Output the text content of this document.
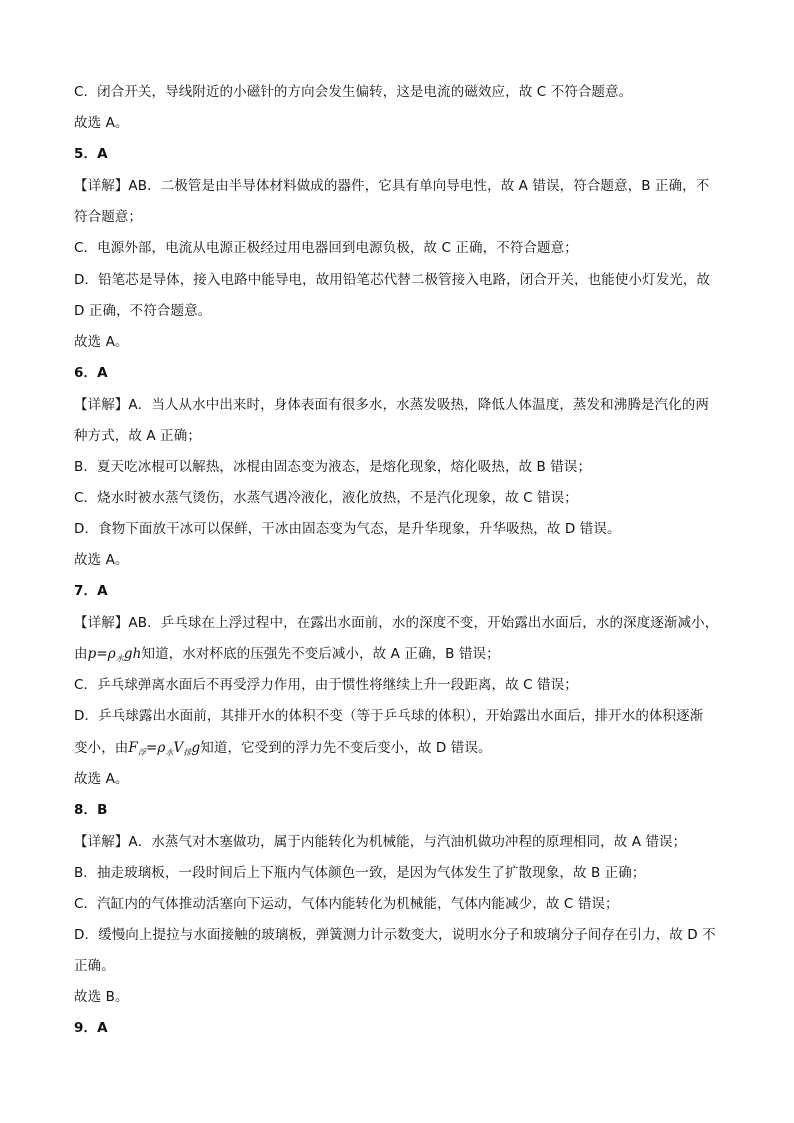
C．闭合开关，导线附近的小磁针的方向会发生偏转，这是电流的磁效应，故 C 不符合题意。
故选 A。
5．A
【详解】AB．二极管是由半导体材料做成的器件，它具有单向导电性，故 A 错误，符合题意，B 正确，不
符合题意；
C．电源外部，电流从电源正极经过用电器回到电源负极，故 C 正确，不符合题意；
D．铅笔芯是导体，接入电路中能导电，故用铅笔芯代替二极管接入电路，闭合开关，也能使小灯发光，故
D 正确，不符合题意。
故选 A。
6．A
【详解】A．当人从水中出来时，身体表面有很多水，水蒸发吸热，降低人体温度，蒸发和沸腾是汽化的两
种方式，故 A 正确；
B．夏天吃冰棍可以解热，冰棍由固态变为液态，是熔化现象，熔化吸热，故 B 错误；
C．烧水时被水蒸气烫伤，水蒸气遇冷液化，液化放热，不是汽化现象，故 C 错误；
D．食物下面放干冰可以保鲜，干冰由固态变为气态，是升华现象，升华吸热，故 D 错误。
故选 A。
7．A
【详解】AB．乒乓球在上浮过程中，在露出水面前，水的深度不变，开始露出水面后，水的深度逐渐减小，
由$p=\rho_水gh$知道，水对杯底的压强先不变后减小，故 A 正确，B 错误；
C．乒乓球弹离水面后不再受浮力作用，由于惯性将继续上升一段距离，故 C 错误；
D．乒乓球露出水面前，其排开水的体积不变（等于乒乓球的体积），开始露出水面后，排开水的体积逐渐
变小，由$F_浮=\rho_水V_排g$知道，它受到的浮力先不变后变小，故 D 错误。
故选 A。
8．B
【详解】A．水蒸气对木塞做功，属于内能转化为机械能，与汽油机做功冲程的原理相同，故 A 错误；
B．抽走玻璃板，一段时间后上下瓶内气体颜色一致，是因为气体发生了扩散现象，故 B 正确；
C．汽缸内的气体推动活塞向下运动，气体内能转化为机械能，气体内能减少，故 C 错误；
D．缓慢向上提拉与水面接触的玻璃板，弹簧测力计示数变大，说明水分子和玻璃分子间存在引力，故 D 不
正确。
故选 B。
9．A
